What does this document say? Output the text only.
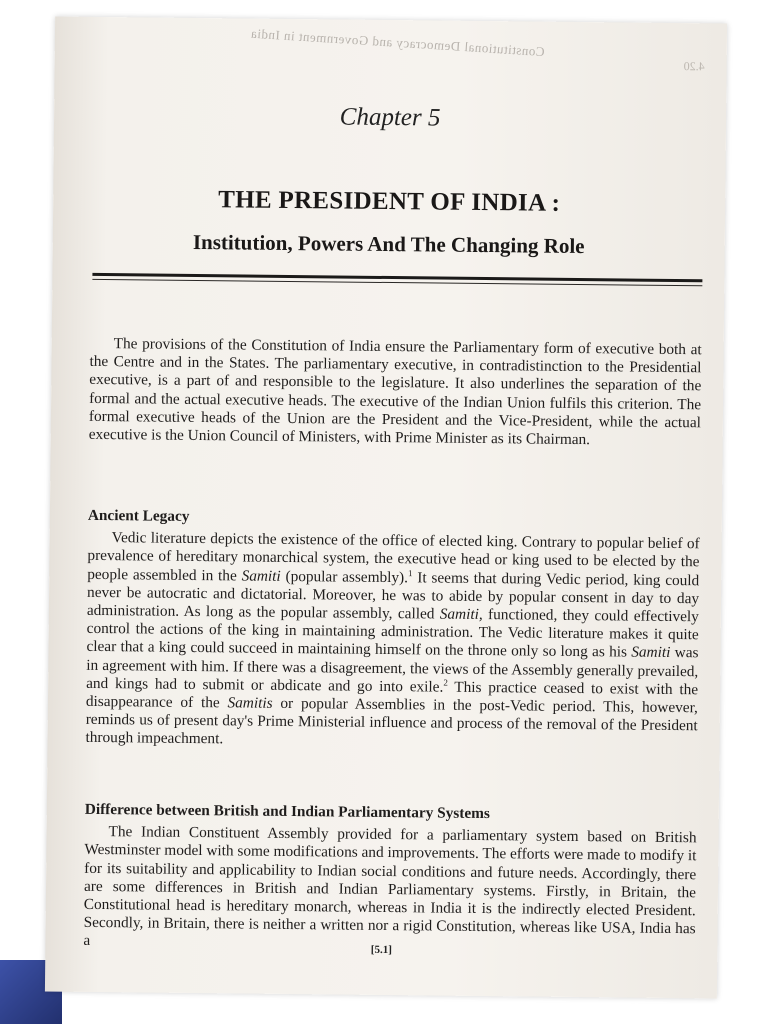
Constitutional Democracy and Government in India
4.20
Chapter 5
THE PRESIDENT OF INDIA :
Institution, Powers And The Changing Role
The provisions of the Constitution of India ensure the Parliamentary form of executive both at the Centre and in the States. The parliamentary executive, in contradistinction to the Presidential executive, is a part of and responsible to the legislature. It also underlines the separation of the formal and the actual executive heads. The executive of the Indian Union fulfils this criterion. The formal executive heads of the Union are the President and the Vice-President, while the actual executive is the Union Council of Ministers, with Prime Minister as its Chairman.
Ancient Legacy
Vedic literature depicts the existence of the office of elected king. Contrary to popular belief of prevalence of hereditary monarchical system, the executive head or king used to be elected by the people assembled in the Samiti (popular assembly).$^1$ It seems that during Vedic period, king could never be autocratic and dictatorial. Moreover, he was to abide by popular consent in day to day administration. As long as the popular assembly, called Samiti, functioned, they could effectively control the actions of the king in maintaining administration. The Vedic literature makes it quite clear that a king could succeed in maintaining himself on the throne only so long as his Samiti was in agreement with him. If there was a disagreement, the views of the Assembly generally prevailed, and kings had to submit or abdicate and go into exile.$^2$ This practice ceased to exist with the disappearance of the Samitis or popular Assemblies in the post-Vedic period. This, however, reminds us of present day's Prime Ministerial influence and process of the removal of the President through impeachment.
Difference between British and Indian Parliamentary Systems
The Indian Constituent Assembly provided for a parliamentary system based on British Westminster model with some modifications and improvements. The efforts were made to modify it for its suitability and applicability to Indian social conditions and future needs. Accordingly, there are some differences in British and Indian Parliamentary systems. Firstly, in Britain, the Constitutional head is hereditary monarch, whereas in India it is the indirectly elected President. Secondly, in Britain, there is neither a written nor a rigid Constitution, whereas like USA, India has a
[5.1]
